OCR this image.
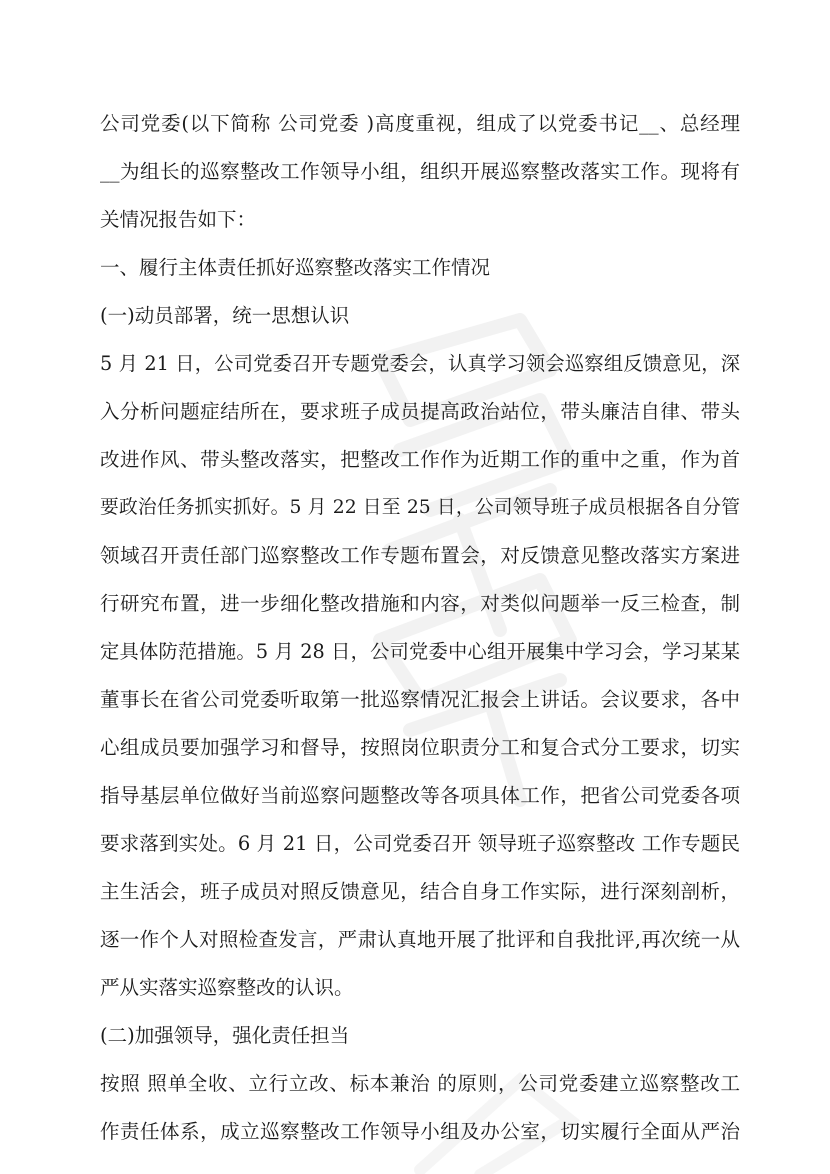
公司党委(以下简称 公司党委 )高度重视，组成了以党委书记__、总经理
__为组长的巡察整改工作领导小组，组织开展巡察整改落实工作。现将有
关情况报告如下：
一、履行主体责任抓好巡察整改落实工作情况
(一)动员部署，统一思想认识
5 月 21 日，公司党委召开专题党委会，认真学习领会巡察组反馈意见，深
入分析问题症结所在，要求班子成员提高政治站位，带头廉洁自律、带头
改进作风、带头整改落实，把整改工作作为近期工作的重中之重，作为首
要政治任务抓实抓好。5 月 22 日至 25 日，公司领导班子成员根据各自分管
领域召开责任部门巡察整改工作专题布置会，对反馈意见整改落实方案进
行研究布置，进一步细化整改措施和内容，对类似问题举一反三检查，制
定具体防范措施。5 月 28 日，公司党委中心组开展集中学习会，学习某某
董事长在省公司党委听取第一批巡察情况汇报会上讲话。会议要求，各中
心组成员要加强学习和督导，按照岗位职责分工和复合式分工要求，切实
指导基层单位做好当前巡察问题整改等各项具体工作，把省公司党委各项
要求落到实处。6 月 21 日，公司党委召开 领导班子巡察整改 工作专题民
主生活会，班子成员对照反馈意见，结合自身工作实际，进行深刻剖析，
逐一作个人对照检查发言，严肃认真地开展了批评和自我批评,再次统一从
严从实落实巡察整改的认识。
(二)加强领导，强化责任担当
按照 照单全收、立行立改、标本兼治 的原则，公司党委建立巡察整改工
作责任体系，成立巡察整改工作领导小组及办公室，切实履行全面从严治
